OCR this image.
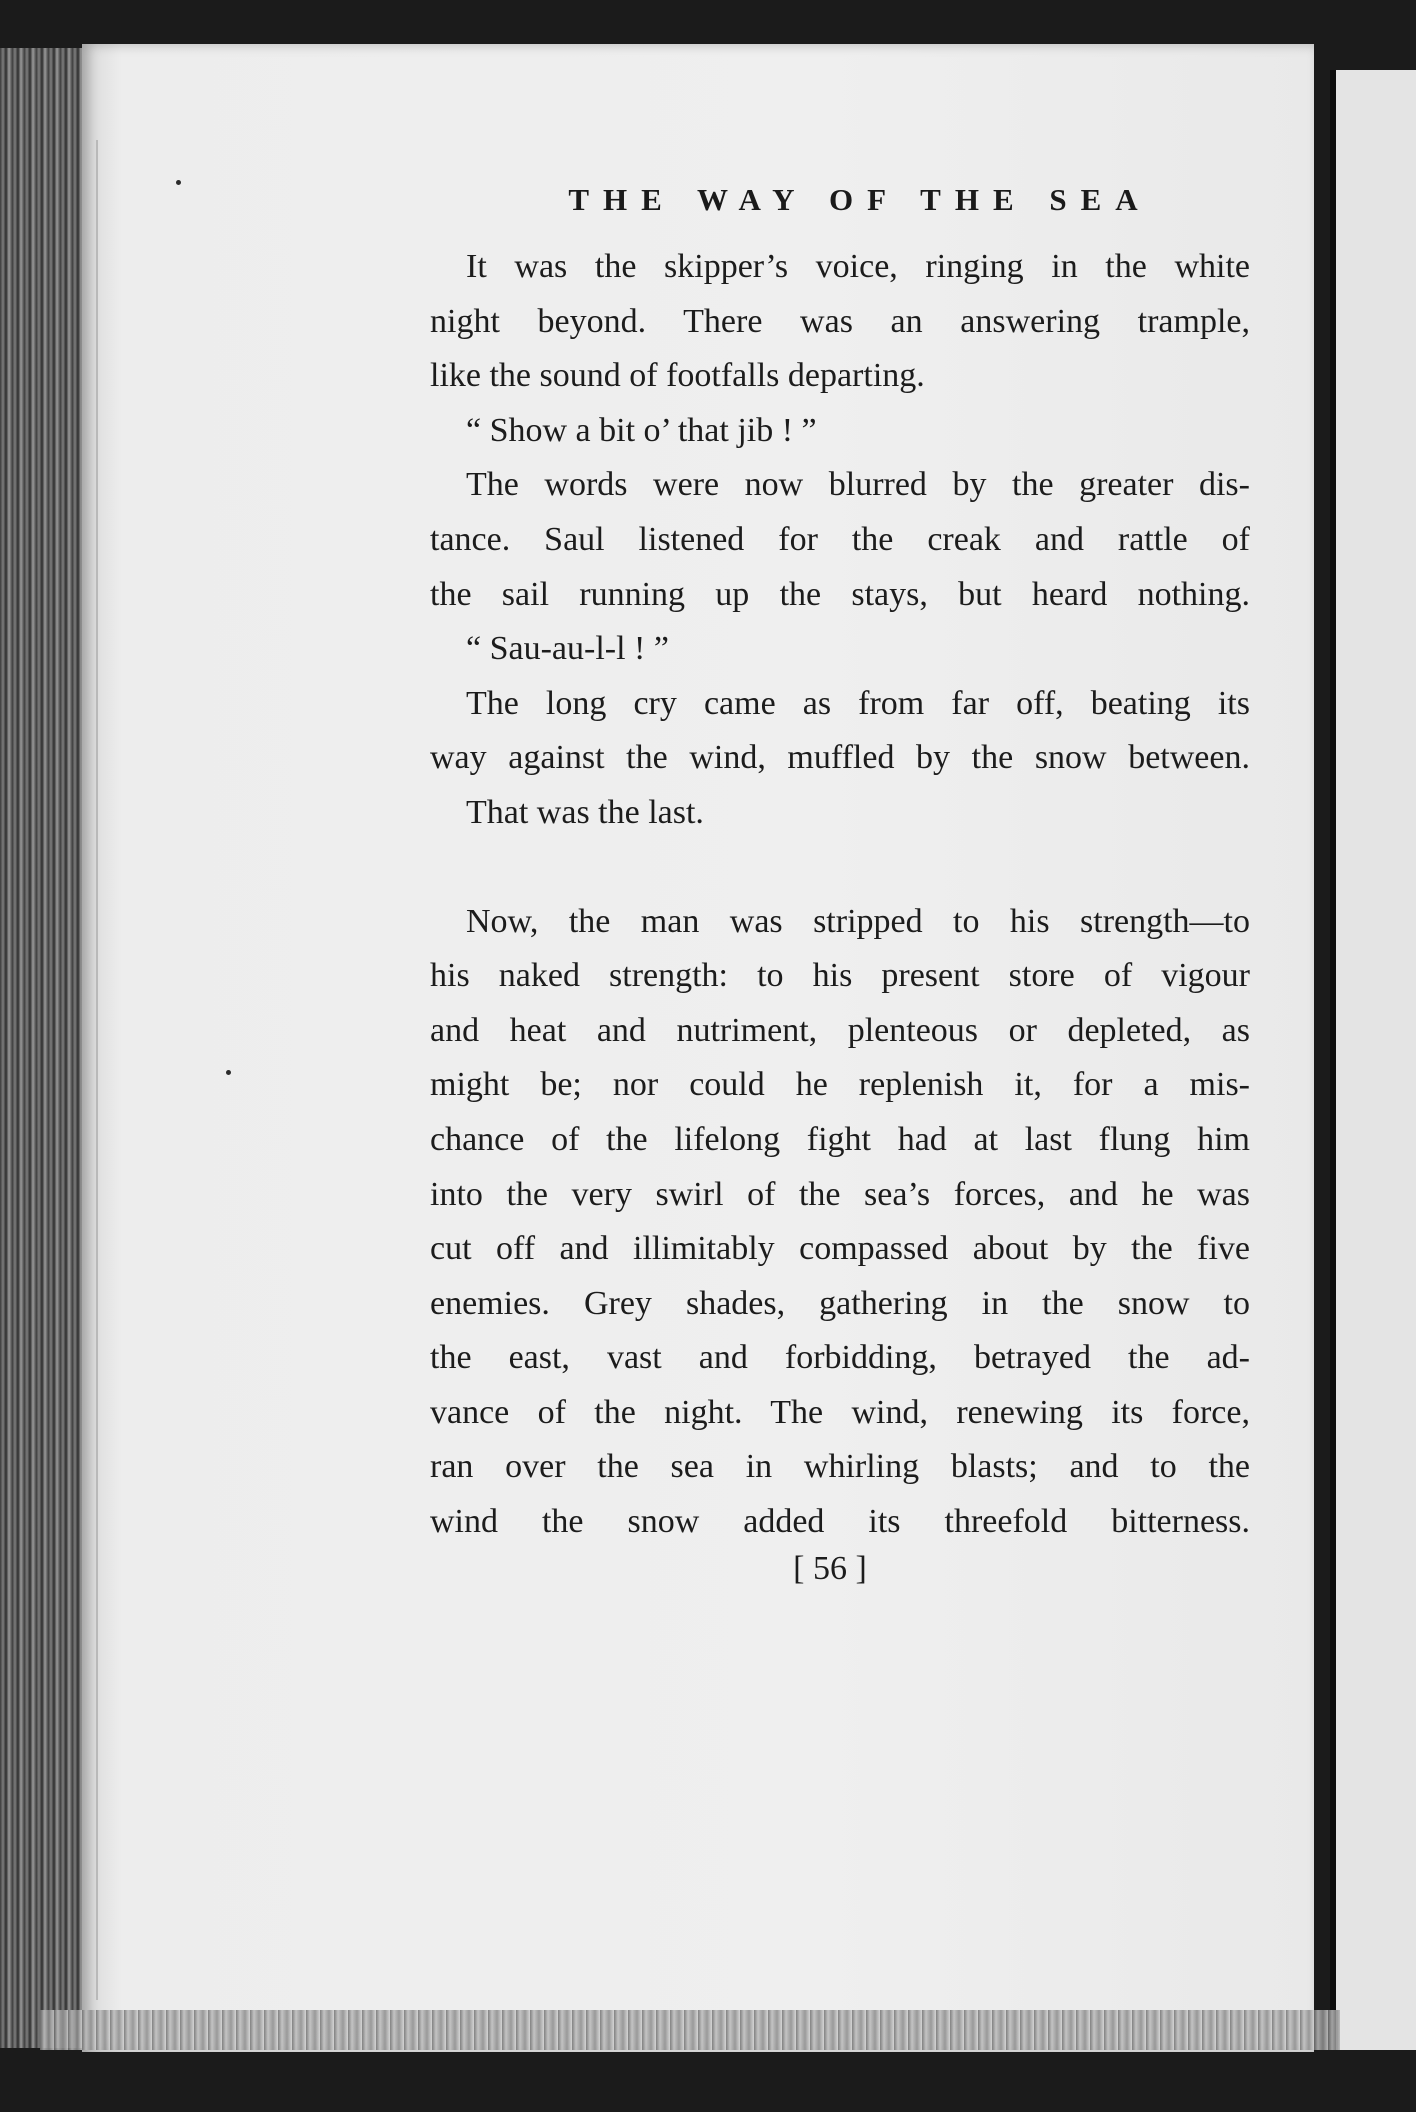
THE WAY OF THE SEA
It was the skipper’s voice, ringing in the white
night beyond. There was an answering trample,
like the sound of footfalls departing.
“ Show a bit o’ that jib ! ”
The words were now blurred by the greater dis-
tance. Saul listened for the creak and rattle of
the sail running up the stays, but heard nothing.
“ Sau-au-l-l ! ”
The long cry came as from far off, beating its
way against the wind, muffled by the snow between.
That was the last.
Now, the man was stripped to his strength—to
his naked strength: to his present store of vigour
and heat and nutriment, plenteous or depleted, as
might be; nor could he replenish it, for a mis-
chance of the lifelong fight had at last flung him
into the very swirl of the sea’s forces, and he was
cut off and illimitably compassed about by the five
enemies. Grey shades, gathering in the snow to
the east, vast and forbidding, betrayed the ad-
vance of the night. The wind, renewing its force,
ran over the sea in whirling blasts; and to the
wind the snow added its threefold bitterness.
[ 56 ]
